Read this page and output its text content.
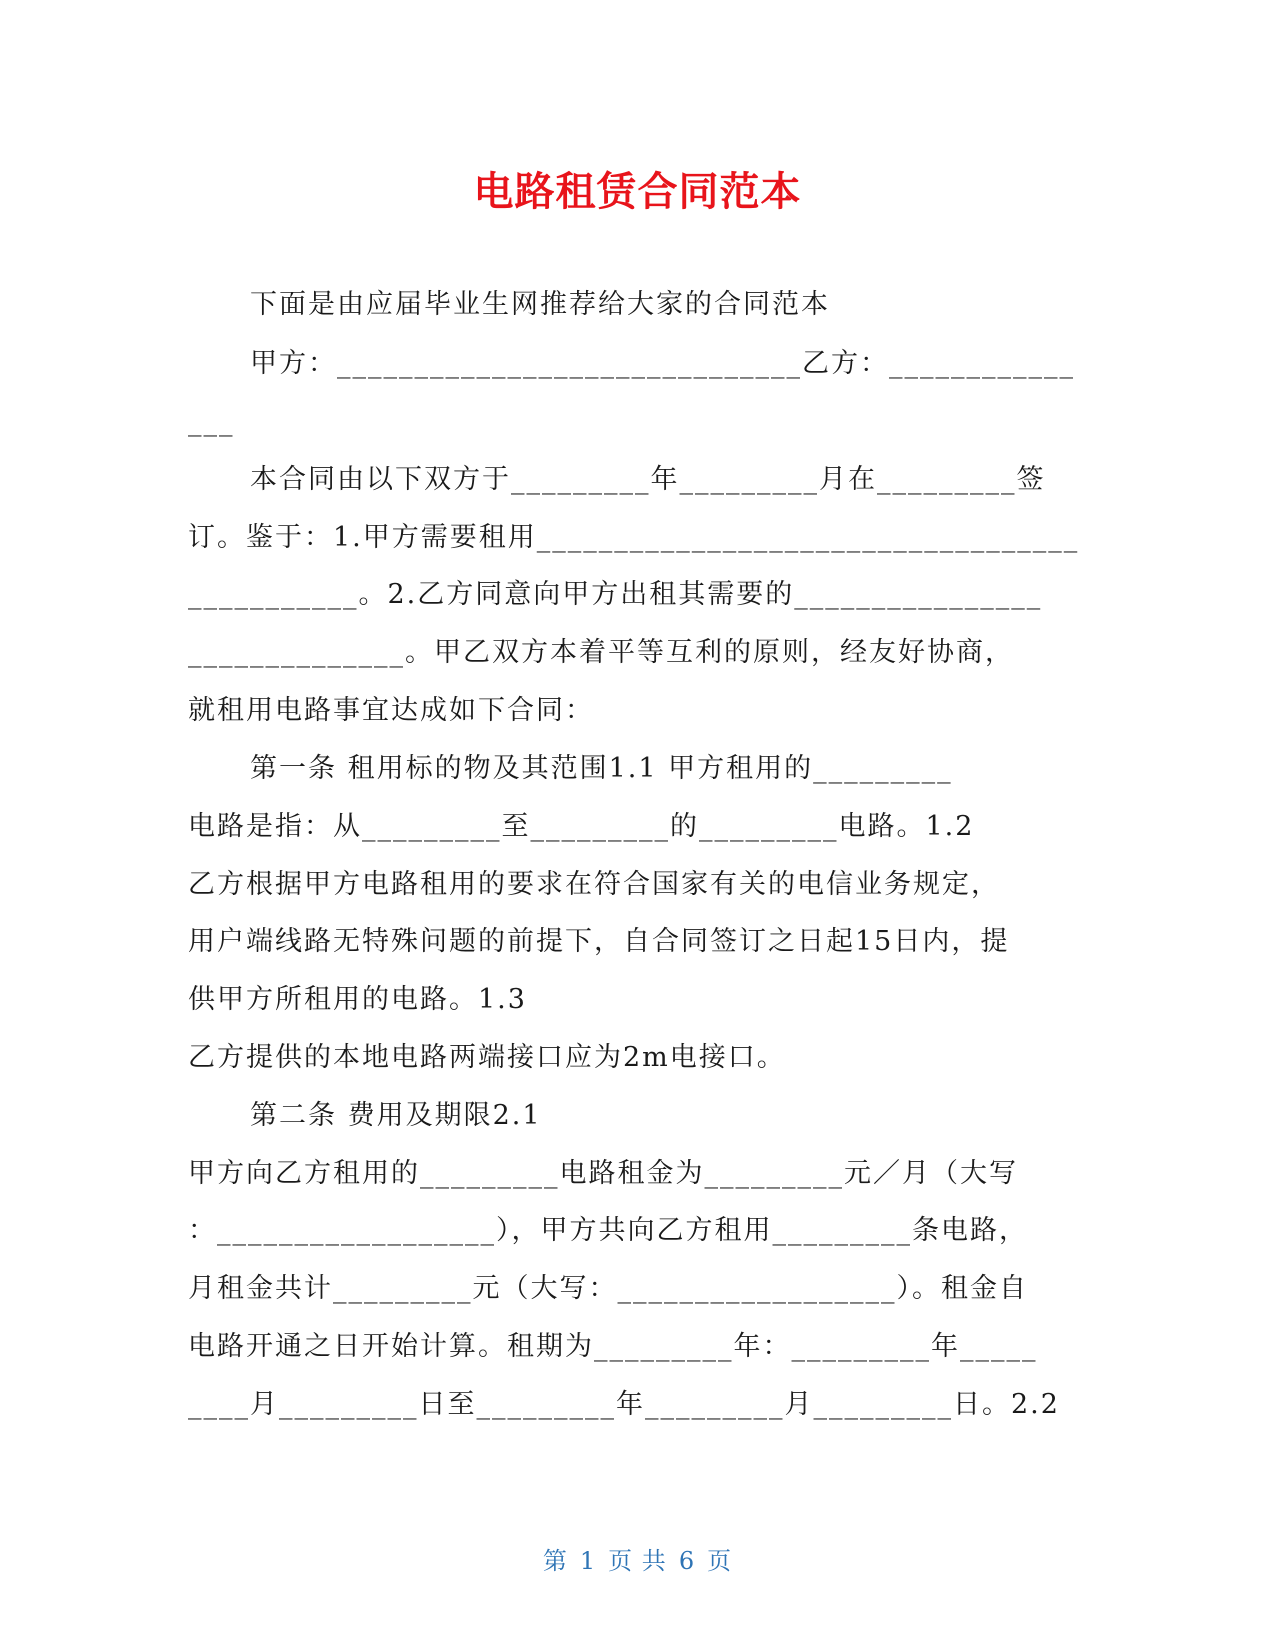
电路租赁合同范本
下面是由应届毕业生网推荐给大家的合同范本
甲方：______________________________乙方：____________
___
本合同由以下双方于_________年_________月在_________签
订。鉴于：1.甲方需要租用___________________________________
___________。2.乙方同意向甲方出租其需要的________________
______________。甲乙双方本着平等互利的原则，经友好协商，
就租用电路事宜达成如下合同：
第一条 租用标的物及其范围1.1 甲方租用的_________
电路是指：从_________至_________的_________电路。1.2
乙方根据甲方电路租用的要求在符合国家有关的电信业务规定，
用户端线路无特殊问题的前提下，自合同签订之日起15日内，提
供甲方所租用的电路。1.3
乙方提供的本地电路两端接口应为2m电接口。
第二条 费用及期限2.1
甲方向乙方租用的_________电路租金为_________元／月（大写
：__________________），甲方共向乙方租用_________条电路，
月租金共计_________元（大写：__________________）。租金自
电路开通之日开始计算。租期为_________年：_________年_____
____月_________日至_________年_________月_________日。2.2
第 1 页 共 6 页
